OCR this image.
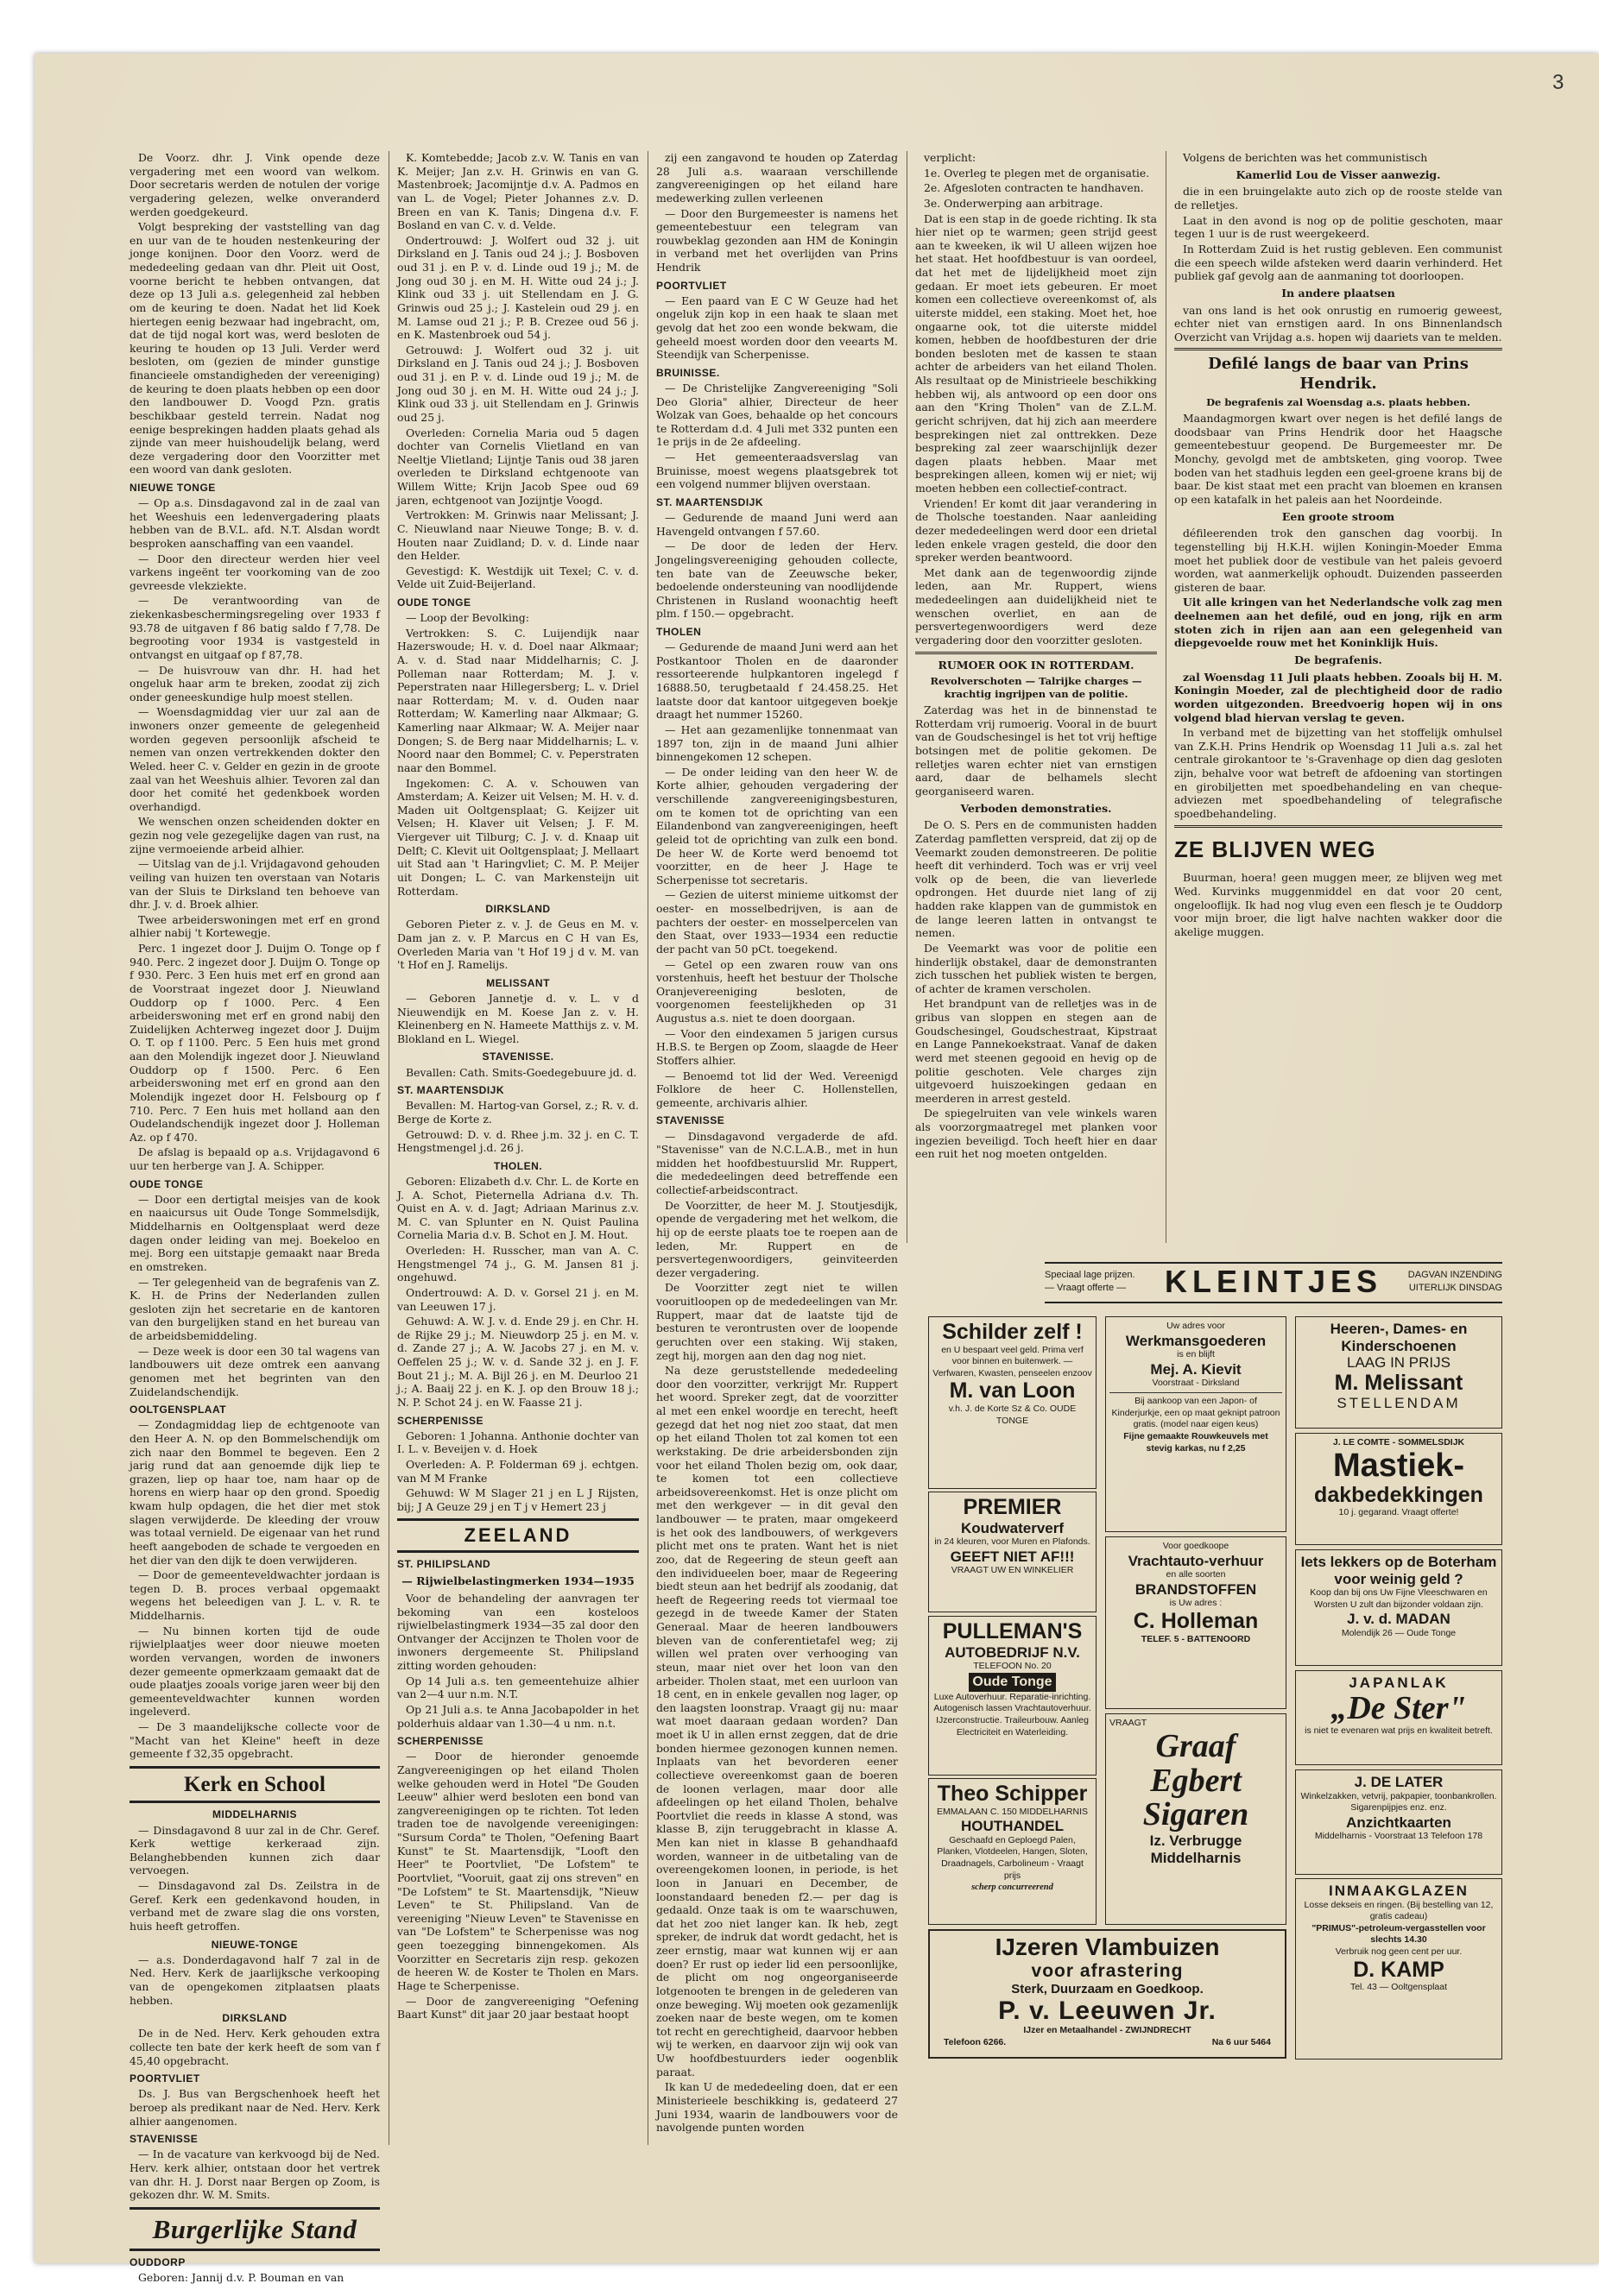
3

De Voorz. dhr. J. Vink opende deze vergadering met een woord van welkom. Door secretaris werden de notulen der vorige vergadering gelezen, welke onveranderd werden goedgekeurd.

Volgt bespreking der vaststelling van dag en uur van de te houden nestenkeuring der jonge konijnen. Door den Voorz. werd de mededeeling gedaan van dhr. Pleit uit Oost, voorne bericht te hebben ontvangen, dat deze op 13 Juli a.s. gelegenheid zal hebben om de keuring te doen. Nadat het lid Koek hiertegen eenig bezwaar had ingebracht, om, dat de tijd nogal kort was, werd besloten de keuring te houden op 13 Juli. Verder werd besloten, om (gezien de minder gunstige financieele omstandigheden der vereeniging) de keuring te doen plaats hebben op een door den landbouwer D. Voogd Pzn. gratis beschikbaar gesteld terrein. Nadat nog eenige besprekingen hadden plaats gehad als zijnde van meer huishoudelijk belang, werd deze vergadering door den Voorzitter met een woord van dank gesloten.

NIEUWE TONGE

— Op a.s. Dinsdagavond zal in de zaal van het Weeshuis een ledenvergadering plaats hebben van de B.V.L. afd. N.T. Alsdan wordt besproken aanschaffing van een vaandel.

— Door den directeur werden hier veel varkens ingeënt ter voorkoming van de zoo gevreesde vlekziekte.

— De verantwoording van de ziekenkasbeschermingsregeling over 1933 f 93.78 de uitgaven f 86 batig saldo f 7,78. De begrooting voor 1934 is vastgesteld in ontvangst en uitgaaf op f 87,78.

— De huisvrouw van dhr. H. had het ongeluk haar arm te breken, zoodat zij zich onder geneeskundige hulp moest stellen.

— Woensdagmiddag vier uur zal aan de inwoners onzer gemeente de gelegenheid worden gegeven persoonlijk afscheid te nemen van onzen vertrekkenden dokter den Weled. heer C. v. Gelder en gezin in de groote zaal van het Weeshuis alhier. Tevoren zal dan door het comité het gedenkboek worden overhandigd.

We wenschen onzen scheidenden dokter en gezin nog vele gezegelijke dagen van rust, na zijne vermoeiende arbeid alhier.

— Uitslag van de j.l. Vrijdagavond gehouden veiling van huizen ten overstaan van Notaris van der Sluis te Dirksland ten behoeve van dhr. J. v. d. Broek alhier.

Twee arbeiderswoningen met erf en grond alhier nabij 't Kortewegje.

Perc. 1 ingezet door J. Duijm O. Tonge op f 940. Perc. 2 ingezet door J. Duijm O. Tonge op f 930. Perc. 3 Een huis met erf en grond aan de Voorstraat ingezet door J. Nieuwland Ouddorp op f 1000. Perc. 4 Een arbeiderswoning met erf en grond nabij den Zuidelijken Achterweg ingezet door J. Duijm O. T. op f 1100. Perc. 5 Een huis met grond aan den Molendijk ingezet door J. Nieuwland Ouddorp op f 1500. Perc. 6 Een arbeiderswoning met erf en grond aan den Molendijk ingezet door H. Felsbourg op f 710. Perc. 7 Een huis met holland aan den Oudelandschendijk ingezet door J. Holleman Az. op f 470.

De afslag is bepaald op a.s. Vrijdagavond 6 uur ten herberge van J. A. Schipper.

OUDE TONGE

— Door een dertigtal meisjes van de kook en naaicursus uit Oude Tonge Sommelsdijk, Middelharnis en Ooltgensplaat werd deze dagen onder leiding van mej. Boekeloo en mej. Borg een uitstapje gemaakt naar Breda en omstreken.

— Ter gelegenheid van de begrafenis van Z. K. H. de Prins der Nederlanden zullen gesloten zijn het secretarie en de kantoren van den burgelijken stand en het bureau van de arbeidsbemiddeling.

— Deze week is door een 30 tal wagens van landbouwers uit deze omtrek een aanvang genomen met het begrinten van den Zuidelandschendijk.

OOLTGENSPLAAT

— Zondagmiddag liep de echtgenoote van den Heer A. N. op den Bommelschendijk om zich naar den Bommel te begeven. Een 2 jarig rund dat aan genoemde dijk liep te grazen, liep op haar toe, nam haar op de horens en wierp haar op den grond. Spoedig kwam hulp opdagen, die het dier met stok slagen verwijderde. De kleeding der vrouw was totaal vernield. De eigenaar van het rund heeft aangeboden de schade te vergoeden en het dier van den dijk te doen verwijderen.

— Door de gemeenteveldwachter jordaan is tegen D. B. proces verbaal opgemaakt wegens het beleedigen van J. L. v. R. te Middelharnis.

— Nu binnen korten tijd de oude rijwielplaatjes weer door nieuwe moeten worden vervangen, worden de inwoners dezer gemeente opmerkzaam gemaakt dat de oude plaatjes zooals vorige jaren weer bij den gemeenteveldwachter kunnen worden ingeleverd.

— De 3 maandelijksche collecte voor de "Macht van het Kleine" heeft in deze gemeente f 32,35 opgebracht.

Kerk en School
MIDDELHARNIS

— Dinsdagavond 8 uur zal in de Chr. Geref. Kerk wettige kerkeraad zijn. Belanghebbenden kunnen zich daar vervoegen.

— Dinsdagavond zal Ds. Zeilstra in de Geref. Kerk een gedenkavond houden, in verband met de zware slag die ons vorsten, huis heeft getroffen.

NIEUWE-TONGE

— a.s. Donderdagavond half 7 zal in de Ned. Herv. Kerk de jaarlijksche verkooping van de opengekomen zitplaatsen plaats hebben.

DIRKSLAND

De in de Ned. Herv. Kerk gehouden extra collecte ten bate der kerk heeft de som van f 45,40 opgebracht.

POORTVLIET

Ds. J. Bus van Bergschenhoek heeft het beroep als predikant naar de Ned. Herv. Kerk alhier aangenomen.

STAVENISSE

— In de vacature van kerkvoogd bij de Ned. Herv. kerk alhier, ontstaan door het vertrek van dhr. H. J. Dorst naar Bergen op Zoom, is gekozen dhr. W. M. Smits.

Burgerlijke Stand
OUDDORP

Geboren: Jannij d.v. P. Bouman en van

K. Komtebedde; Jacob z.v. W. Tanis en van K. Meijer; Jan z.v. H. Grinwis en van G. Mastenbroek; Jacomijntje d.v. A. Padmos en van L. de Vogel; Pieter Johannes z.v. D. Breen en van K. Tanis; Dingena d.v. F. Bosland en van C. v. d. Velde.

Ondertrouwd: J. Wolfert oud 32 j. uit Dirksland en J. Tanis oud 24 j.; J. Bosboven oud 31 j. en P. v. d. Linde oud 19 j.; M. de Jong oud 30 j. en M. H. Witte oud 24 j.; J. Klink oud 33 j. uit Stellendam en J. G. Grinwis oud 25 j.; J. Kastelein oud 29 j. en M. Lamse oud 21 j.; P. B. Crezee oud 56 j. en K. Mastenbroek oud 54 j.

Getrouwd: J. Wolfert oud 32 j. uit Dirksland en J. Tanis oud 24 j.; J. Bosboven oud 31 j. en P. v. d. Linde oud 19 j.; M. de Jong oud 30 j. en M. H. Witte oud 24 j.; J. Klink oud 33 j. uit Stellendam en J. Grinwis oud 25 j.

Overleden: Cornelia Maria oud 5 dagen dochter van Cornelis Vlietland en van Neeltje Vlietland; Lijntje Tanis oud 38 jaren overleden te Dirksland echtgenoote van Willem Witte; Krijn Jacob Spee oud 69 jaren, echtgenoot van Jozijntje Voogd.

Vertrokken: M. Grinwis naar Melissant; J. C. Nieuwland naar Nieuwe Tonge; B. v. d. Houten naar Zuidland; D. v. d. Linde naar den Helder.

Gevestigd: K. Westdijk uit Texel; C. v. d. Velde uit Zuid-Beijerland.

OUDE TONGE

— Loop der Bevolking:

Vertrokken: S. C. Luijendijk naar Hazerswoude; H. v. d. Doel naar Alkmaar; A. v. d. Stad naar Middelharnis; C. J. Polleman naar Rotterdam; M. J. v. Peperstraten naar Hillegersberg; L. v. Driel naar Rotterdam; M. v. d. Ouden naar Rotterdam; W. Kamerling naar Alkmaar; G. Kamerling naar Alkmaar; W. A. Meijer naar Dongen; S. de Berg naar Middelharnis; L. v. Noord naar den Bommel; C. v. Peperstraten naar den Bommel.

Ingekomen: C. A. v. Schouwen van Amsterdam; A. Keizer uit Velsen; M. H. v. d. Maden uit Ooltgensplaat; G. Keijzer uit Velsen; H. Klaver uit Velsen; J. F. M. Viergever uit Tilburg; C. J. v. d. Knaap uit Delft; C. Klevit uit Ooltgensplaat; J. Mellaart uit Stad aan 't Haringvliet; C. M. P. Meijer uit Dongen; L. C. van Markensteijn uit Rotterdam.

DIRKSLAND

Geboren Pieter z. v. J. de Geus en M. v. Dam jan z. v. P. Marcus en C H van Es, Overleden Maria van 't Hof 19 j d v. M. van 't Hof en J. Ramelijs.

MELISSANT

— Geboren Jannetje d. v. L. v d Nieuwendijk en M. Koese Jan z. v. H. Kleinenberg en N. Hameete Matthijs z. v. M. Blokland en L. Wiegel.

STAVENISSE.

Bevallen: Cath. Smits-Goedegebuure jd. d.

ST. MAARTENSDIJK

Bevallen: M. Hartog-van Gorsel, z.; R. v. d. Berge de Korte z.

Getrouwd: D. v. d. Rhee j.m. 32 j. en C. T. Hengstmengel j.d. 26 j.

THOLEN.

Geboren: Elizabeth d.v. Chr. L. de Korte en J. A. Schot, Pieternella Adriana d.v. Th. Quist en A. v. d. Jagt; Adriaan Marinus z.v. M. C. van Splunter en N. Quist Paulina Cornelia Maria d.v. B. Schot en J. M. Hout.

Overleden: H. Russcher, man van A. C. Hengstmengel 74 j., G. M. Jansen 81 j. ongehuwd.

Ondertrouwd: A. D. v. Gorsel 21 j. en M. van Leeuwen 17 j.

Gehuwd: A. W. J. v. d. Ende 29 j. en Chr. H. de Rijke 29 j.; M. Nieuwdorp 25 j. en M. v. d. Zande 27 j.; A. W. Jacobs 27 j. en M. v. Oeffelen 25 j.; W. v. d. Sande 32 j. en J. F. Bout 21 j.; M. A. Bijl 26 j. en M. Deurloo 21 j.; A. Baaij 22 j. en K. J. op den Brouw 18 j.; N. P. Schot 24 j. en W. Faasse 21 j.

SCHERPENISSE

Geboren: 1 Johanna. Anthonie dochter van I. L. v. Beveijen v. d. Hoek

Overleden: A. P. Folderman 69 j. echtgen. van M M Franke

Gehuwd: W M Slager 21 j en L J Rijsten, bij; J A Geuze 29 j en T j v Hemert 23 j

ZEELAND
ST. PHILIPSLAND
— Rijwielbelastingmerken 1934—1935

Voor de behandeling der aanvragen ter bekoming van een kosteloos rijwielbelastingmerk 1934—35 zal door den Ontvanger der Accijnzen te Tholen voor de inwoners dergemeente St. Philipsland zitting worden gehouden:

Op 14 Juli a.s. ten gemeentehuize alhier van 2—4 uur n.m. N.T.

Op 21 Juli a.s. te Anna Jacobapolder in het polderhuis aldaar van 1.30—4 u nm. n.t.

SCHERPENISSE

— Door de hieronder genoemde Zangvereenigingen op het eiland Tholen welke gehouden werd in Hotel "De Gouden Leeuw" alhier werd besloten een bond van zangvereenigingen op te richten. Tot leden traden toe de navolgende vereenigingen: "Sursum Corda" te Tholen, "Oefening Baart Kunst" te St. Maartensdijk, "Looft den Heer" te Poortvliet, "De Lofstem" te Poortvliet, "Vooruit, gaat zij ons streven" en "De Lofstem" te St. Maartensdijk, "Nieuw Leven" te St. Philipsland. Van de vereeniging "Nieuw Leven" te Stavenisse en van "De Lofstem" te Scherpenisse was nog geen toezegging binnengekomen. Als Voorzitter en Secretaris zijn resp. gekozen de heeren W. de Koster te Tholen en Mars. Hage te Scherpenisse.

— Door de zangvereeniging "Oefening Baart Kunst" dit jaar 20 jaar bestaat hoopt

zij een zangavond te houden op Zaterdag 28 Juli a.s. waaraan verschillende zangvereenigingen op het eiland hare medewerking zullen verleenen

— Door den Burgemeester is namens het gemeentebestuur een telegram van rouwbeklag gezonden aan HM de Koningin in verband met het overlijden van Prins Hendrik

POORTVLIET

— Een paard van E C W Geuze had het ongeluk zijn kop in een haak te slaan met gevolg dat het zoo een wonde bekwam, die geheeld moest worden door den veearts M. Steendijk van Scherpenisse.

BRUINISSE.

— De Christelijke Zangvereeniging "Soli Deo Gloria" alhier, Directeur de heer Wolzak van Goes, behaalde op het concours te Rotterdam d.d. 4 Juli met 332 punten een 1e prijs in de 2e afdeeling.

— Het gemeenteraadsverslag van Bruinisse, moest wegens plaatsgebrek tot een volgend nummer blijven overstaan.

ST. MAARTENSDIJK

— Gedurende de maand Juni werd aan Havengeld ontvangen f 57.60.

— De door de leden der Herv. Jongelingsvereeniging gehouden collecte, ten bate van de Zeeuwsche beker, bedoelende ondersteuning van noodlijdende Christenen in Rusland woonachtig heeft plm. f 150.— opgebracht.

THOLEN

— Gedurende de maand Juni werd aan het Postkantoor Tholen en de daaronder ressorteerende hulpkantoren ingelegd f 16888.50, terugbetaald f 24.458.25. Het laatste door dat kantoor uitgegeven boekje draagt het nummer 15260.

— Het aan gezamenlijke tonnenmaat van 1897 ton, zijn in de maand Juni alhier binnengekomen 12 schepen.

— De onder leiding van den heer W. de Korte alhier, gehouden vergadering der verschillende zangvereenigingsbesturen, om te komen tot de oprichting van een Eilandenbond van zangvereenigingen, heeft geleid tot de oprichting van zulk een bond. De heer W. de Korte werd benoemd tot voorzitter, en de heer J. Hage te Scherpenisse tot secretaris.

— Gezien de uiterst minieme uitkomst der oester- en mosselbedrijven, is aan de pachters der oester- en mosselpercelen van den Staat, over 1933—1934 een reductie der pacht van 50 pCt. toegekend.

— Getel op een zwaren rouw van ons vorstenhuis, heeft het bestuur der Tholsche Oranjevereeniging besloten, de voorgenomen feestelijkheden op 31 Augustus a.s. niet te doen doorgaan.

— Voor den eindexamen 5 jarigen cursus H.B.S. te Bergen op Zoom, slaagde de Heer Stoffers alhier.

— Benoemd tot lid der Wed. Vereenigd Folklore de heer C. Hollenstellen, gemeente, archivaris alhier.

STAVENISSE

— Dinsdagavond vergaderde de afd. "Stavenisse" van de N.C.L.A.B., met in hun midden het hoofdbestuurslid Mr. Ruppert, die mededeelingen deed betreffende een collectief-arbeidscontract.

De Voorzitter, de heer M. J. Stoutjesdijk, opende de vergadering met het welkom, die hij op de eerste plaats toe te roepen aan de leden, Mr. Ruppert en de persvertegenwoordigers, geinviteerden dezer vergadering.

De Voorzitter zegt niet te willen vooruitloopen op de mededeelingen van Mr. Ruppert, maar dat de laatste tijd de besturen te verontrusten over de loopende geruchten over een staking. Wij staken, zegt hij, morgen aan den dag nog niet.

Na deze geruststellende mededeeling door den voorzitter, verkrijgt Mr. Ruppert het woord. Spreker zegt, dat de voorzitter al met een enkel woordje en terecht, heeft gezegd dat het nog niet zoo staat, dat men op het eiland Tholen tot zal komen tot een werkstaking. De drie arbeidersbonden zijn voor het eiland Tholen bezig om, ook daar, te komen tot een collectieve arbeidsovereenkomst. Het is onze plicht om met den werkgever — in dit geval den landbouwer — te praten, maar omgekeerd is het ook des landbouwers, of werkgevers plicht met ons te praten. Want het is niet zoo, dat de Regeering de steun geeft aan den individueelen boer, maar de Regeering biedt steun aan het bedrijf als zoodanig, dat heeft de Regeering reeds tot viermaal toe gezegd in de tweede Kamer der Staten Generaal. Maar de heeren landbouwers bleven van de conferentietafel weg; zij willen wel praten over verhooging van steun, maar niet over het loon van den arbeider. Tholen staat, met een uurloon van 18 cent, en in enkele gevallen nog lager, op den laagsten loonstrap. Vraagt gij nu: maar wat moet daaraan gedaan worden? Dan moet ik U in allen ernst zeggen, dat de drie bonden hiermee gezonogen kunnen nemen. Inplaats van het bevorderen eener collectieve overeenkomst gaan de boeren de loonen verlagen, maar door alle afdeelingen op het eiland Tholen, behalve Poortvliet die reeds in klasse A stond, was klasse B, zijn teruggebracht in klasse A. Men kan niet in klasse B gehandhaafd worden, wanneer in de uitbetaling van de overeengekomen loonen, in periode, is het loon in Januari en December, de loonstandaard beneden f2.— per dag is gedaald. Onze taak is om te waarschuwen, dat het zoo niet langer kan. Ik heb, zegt spreker, de indruk dat wordt gedacht, het is zeer ernstig, maar wat kunnen wij er aan doen? Er rust op ieder lid een persoonlijke, de plicht om nog ongeorganiseerde lotgenooten te brengen in de gelederen van onze beweging. Wij moeten ook gezamenlijk zoeken naar de beste wegen, om te komen tot recht en gerechtigheid, daarvoor hebben wij te werken, en daarvoor zijn wij ook van Uw hoofdbestuurders ieder oogenblik paraat.

Ik kan U de mededeeling doen, dat er een Ministerieele beschikking is, gedateerd 27 Juni 1934, waarin de landbouwers voor de navolgende punten worden

verplicht:

1e. Overleg te plegen met de organisatie.

2e. Afgesloten contracten te handhaven.

3e. Onderwerping aan arbitrage.

Dat is een stap in de goede richting. Ik sta hier niet op te warmen; geen strijd geest aan te kweeken, ik wil U alleen wijzen hoe het staat. Het hoofdbestuur is van oordeel, dat het met de lijdelijkheid moet zijn gedaan. Er moet iets gebeuren. Er moet komen een collectieve overeenkomst of, als uiterste middel, een staking. Moet het, hoe ongaarne ook, tot die uiterste middel komen, hebben de hoofdbesturen der drie bonden besloten met de kassen te staan achter de arbeiders van het eiland Tholen. Als resultaat op de Ministrieele beschikking hebben wij, als antwoord op een door ons aan den "Kring Tholen" van de Z.L.M. gericht schrijven, dat hij zich aan meerdere besprekingen niet zal onttrekken. Deze bespreking zal zeer waarschijnlijk dezer dagen plaats hebben. Maar met besprekingen alleen, komen wij er niet; wij moeten hebben een collectief-contract.

Vrienden! Er komt dit jaar verandering in de Tholsche toestanden. Naar aanleiding dezer mededeelingen werd door een drietal leden enkele vragen gesteld, die door den spreker werden beantwoord.

Met dank aan de tegenwoordig zijnde leden, aan Mr. Ruppert, wiens mededeelingen aan duidelijkheid niet te wenschen overliet, en aan de persvertegenwoordigers werd deze vergadering door den voorzitter gesloten.

RUMOER OOK IN ROTTERDAM.
Revolverschoten — Talrijke charges — krachtig ingrijpen van de politie.

Zaterdag was het in de binnenstad te Rotterdam vrij rumoerig. Vooral in de buurt van de Goudschesingel is het tot vrij heftige botsingen met de politie gekomen. De relletjes waren echter niet van ernstigen aard, daar de belhamels slecht georganiseerd waren.

Verboden demonstraties.

De O. S. Pers en de communisten hadden Zaterdag pamfletten verspreid, dat zij op de Veemarkt zouden demonstreeren. De politie heeft dit verhinderd. Toch was er vrij veel volk op de been, die van lieverlede opdrongen. Het duurde niet lang of zij hadden rake klappen van de gummistok en de lange leeren latten in ontvangst te nemen.

De Veemarkt was voor de politie een hinderlijk obstakel, daar de demonstranten zich tusschen het publiek wisten te bergen, of achter de kramen verscholen.

Het brandpunt van de relletjes was in de gribus van sloppen en stegen aan de Goudschesingel, Goudschestraat, Kipstraat en Lange Pannekoekstraat. Vanaf de daken werd met steenen gegooid en hevig op de politie geschoten. Vele charges zijn uitgevoerd huiszoekingen gedaan en meerderen in arrest gesteld.

De spiegelruiten van vele winkels waren als voorzorgmaatregel met planken voor ingezien beveiligd. Toch heeft hier en daar een ruit het nog moeten ontgelden.

Volgens de berichten was het communistisch

Kamerlid Lou de Visser aanwezig.

die in een bruingelakte auto zich op de rooste stelde van de relletjes.

Laat in den avond is nog op de politie geschoten, maar tegen 1 uur is de rust weergekeerd.

In Rotterdam Zuid is het rustig gebleven. Een communist die een speech wilde afsteken werd daarin verhinderd. Het publiek gaf gevolg aan de aanmaning tot doorloopen.

In andere plaatsen

van ons land is het ook onrustig en rumoerig geweest, echter niet van ernstigen aard. In ons Binnenlandsch Overzicht van Vrijdag a.s. hopen wij daariets van te melden.

Defilé langs de baar van Prins Hendrik.
De begrafenis zal Woensdag a.s. plaats hebben.

Maandagmorgen kwart over negen is het defilé langs de doodsbaar van Prins Hendrik door het Haagsche gemeentebestuur geopend. De Burgemeester mr. De Monchy, gevolgd met de ambtsketen, ging voorop. Twee boden van het stadhuis legden een geel-groene krans bij de baar. De kist staat met een pracht van bloemen en kransen op een katafalk in het paleis aan het Noordeinde.

Een groote stroom

défileerenden trok den ganschen dag voorbij. In tegenstelling bij H.K.H. wijlen Koningin-Moeder Emma moet het publiek door de vestibule van het paleis gevoerd worden, wat aanmerkelijk ophoudt. Duizenden passeerden gisteren de baar.

Uit alle kringen van het Nederlandsche volk zag men deelnemen aan het defilé, oud en jong, rijk en arm stoten zich in rijen aan aan een gelegenheid van diepgevoelde rouw met het Koninklijk Huis.

De begrafenis.

zal Woensdag 11 Juli plaats hebben. Zooals bij H. M. Koningin Moeder, zal de plechtigheid door de radio worden uitgezonden. Breedvoerig hopen wij in ons volgend blad hiervan verslag te geven.

In verband met de bijzetting van het stoffelijk omhulsel van Z.K.H. Prins Hendrik op Woensdag 11 Juli a.s. zal het centrale girokantoor te 's-Gravenhage op dien dag gesloten zijn, behalve voor wat betreft de afdoening van stortingen en girobiljetten met spoedbehandeling en van cheque-adviezen met spoedbehandeling of telegrafische spoedbehandeling.

ZE BLIJVEN WEG

Buurman, hoera! geen muggen meer, ze blijven weg met Wed. Kurvinks muggenmiddel en dat voor 20 cent, ongelooflijk. Ik had nog vlug even een flesch je te Ouddorp voor mijn broer, die ligt halve nachten wakker door die akelige muggen.

Speciaal lage prijzen.
— Vraagt offerte —	KLEINTJES	DAGVAN INZENDING
UITERLIJK DINSDAG
Schilder zelf !
en U bespaart veel geld. Prima verf voor binnen en buitenwerk. — Verfwaren, Kwasten, penseelen enzoov
M. van Loon
v.h. J. de Korte Sz & Co. OUDE TONGE
PREMIER
Koudwaterverf
in 24 kleuren, voor Muren en Plafonds.
GEEFT NIET AF!!!
VRAAGT UW EN WINKELIER
PULLEMAN'S
AUTOBEDRIJF N.V.
TELEFOON No. 20
Oude Tonge
Luxe Autoverhuur. Reparatie-inrichting. Autogenisch lassen Vrachtautoverhuur. IJzerconstructie. Traileurbouw. Aanleg Electriciteit en Waterleiding.
Theo Schipper
EMMALAAN C. 150 MIDDELHARNIS
HOUTHANDEL
Geschaafd en Geploegd Palen, Planken, Vlotdeelen, Hangen, Sloten, Draadnagels, Carbolineum - Vraagt prijs
scherp concurreerend
Uw adres voor
Werkmansgoederen
is en blijft
Mej. A. Kievit
Voorstraat - Dirksland
Bij aankoop van een Japon- of Kinderjurkje, een op maat geknipt patroon gratis. (model naar eigen keus)
Fijne gemaakte Rouwkeuvels met stevig karkas, nu f 2,25
Voor goedkoope
Vrachtauto-verhuur
en alle soorten
BRANDSTOFFEN
is Uw adres :
C. Holleman
TELEF. 5 - BATTENOORD
VRAAGT
Graaf
Egbert
Sigaren
Iz. Verbrugge
Middelharnis
Heeren-, Dames- en
Kinderschoenen
LAAG IN PRIJS
M. Melissant
STELLENDAM
J. LE COMTE - SOMMELSDIJK
Mastiek-
dakbedekkingen
10 j. gegarand. Vraagt offerte!
Iets lekkers op de Boterham voor weinig geld ?
Koop dan bij ons Uw Fijne Vleeschwaren en Worsten U zult dan bijzonder voldaan zijn.
J. v. d. MADAN
Molendijk 26 — Oude Tonge
JAPANLAK
„De Ster"
is niet te evenaren wat prijs en kwaliteit betreft.
J. DE LATER
Winkelzakken, vetvrij, pakpapier, toonbankrollen. Sigarenpijpjes enz. enz.
Anzichtkaarten
Middelharnis - Voorstraat 13 Telefoon 178
INMAAKGLAZEN
Losse dekseis en ringen. (Bij bestelling van 12, gratis cadeau)
"PRIMUS"-petroleum-vergasstellen voor slechts 14.30
Verbruik nog geen cent per uur.
D. KAMP
Tel. 43 — Ooltgensplaat
IJzeren Vlambuizen
voor afrastering
Sterk, Duurzaam en Goedkoop.
P. v. Leeuwen Jr.
IJzer en Metaalhandel - ZWIJNDRECHT
Telefoon 6266.	Na 6 uur 5464
